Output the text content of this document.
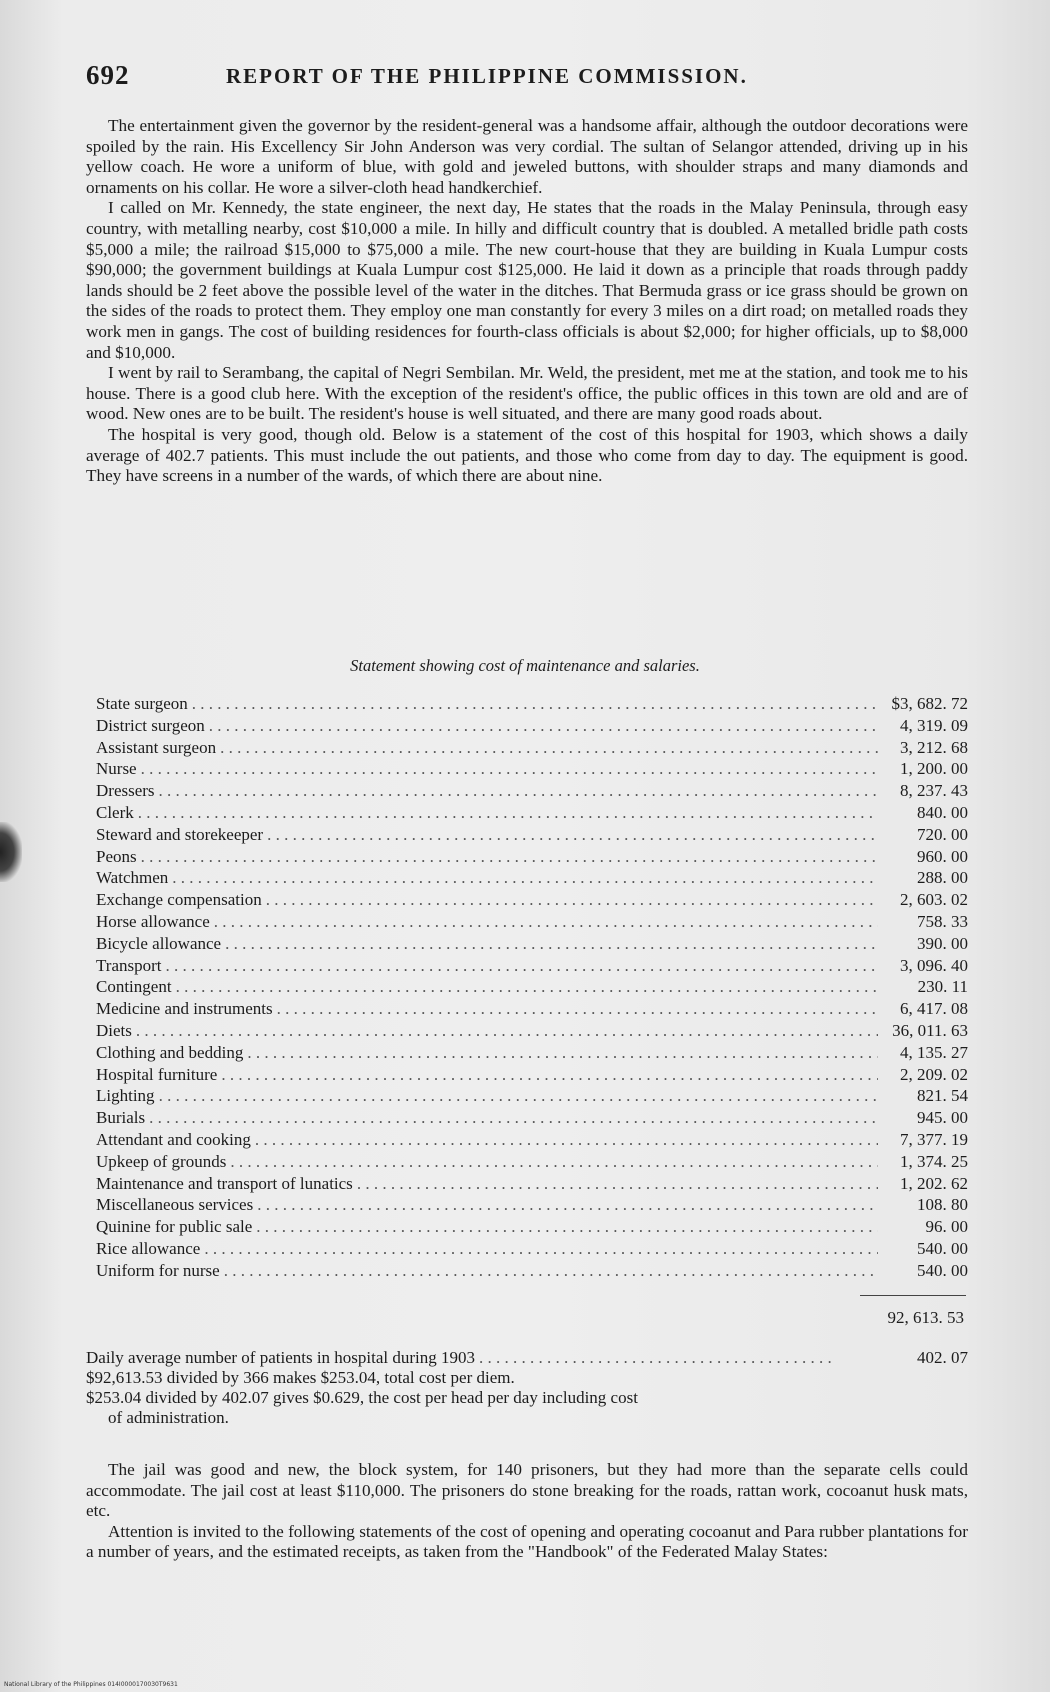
692	REPORT OF THE PHILIPPINE COMMISSION.

The entertainment given the governor by the resident-general was a handsome affair, although the outdoor decorations were spoiled by the rain. His Excellency Sir John Anderson was very cordial. The sultan of Selangor attended, driving up in his yellow coach. He wore a uniform of blue, with gold and jeweled buttons, with shoulder straps and many diamonds and ornaments on his collar. He wore a silver-cloth head handkerchief.

I called on Mr. Kennedy, the state engineer, the next day, He states that the roads in the Malay Peninsula, through easy country, with metalling nearby, cost $10,000 a mile. In hilly and difficult country that is doubled. A metalled bridle path costs $5,000 a mile; the railroad $15,000 to $75,000 a mile. The new court-house that they are building in Kuala Lumpur costs $90,000; the government buildings at Kuala Lumpur cost $125,000. He laid it down as a principle that roads through paddy lands should be 2 feet above the possible level of the water in the ditches. That Bermuda grass or ice grass should be grown on the sides of the roads to protect them. They employ one man constantly for every 3 miles on a dirt road; on metalled roads they work men in gangs. The cost of building residences for fourth-class officials is about $2,000; for higher officials, up to $8,000 and $10,000.

I went by rail to Serambang, the capital of Negri Sembilan. Mr. Weld, the president, met me at the station, and took me to his house. There is a good club here. With the exception of the resident's office, the public offices in this town are old and are of wood. New ones are to be built. The resident's house is well situated, and there are many good roads about.

The hospital is very good, though old. Below is a statement of the cost of this hospital for 1903, which shows a daily average of 402.7 patients. This must include the out patients, and those who come from day to day. The equipment is good. They have screens in a number of the wards, of which there are about nine.

Statement showing cost of maintenance and salaries.
State surgeon . . .	$3, 682. 72
District surgeon . . .	4, 319. 09
Assistant surgeon . . .	3, 212. 68
Nurse . . .	1, 200. 00
Dressers . . .	8, 237. 43
Clerk . . .	840. 00
Steward and storekeeper . . .	720. 00
Peons . . .	960. 00
Watchmen . . .	288. 00
Exchange compensation . . .	2, 603. 02
Horse allowance . . .	758. 33
Bicycle allowance . . .	390. 00
Transport . . .	3, 096. 40
Contingent . . .	230. 11
Medicine and instruments . . .	6, 417. 08
Diets . . .	36, 011. 63
Clothing and bedding . . .	4, 135. 27
Hospital furniture . . .	2, 209. 02
Lighting . . .	821. 54
Burials . . .	945. 00
Attendant and cooking . . .	7, 377. 19
Upkeep of grounds . . .	1, 374. 25
Maintenance and transport of lunatics . . .	1, 202. 62
Miscellaneous services . . .	108. 80
Quinine for public sale . . .	96. 00
Rice allowance . . .	540. 00
Uniform for nurse . . .	540. 00
92, 613. 53
Daily average number of patients in hospital during 1903 . . .	402. 07
$92,613.53 divided by 366 makes $253.04, total cost per diem.
$253.04 divided by 402.07 gives $0.629, the cost per head per day including cost
of administration.

The jail was good and new, the block system, for 140 prisoners, but they had more than the separate cells could accommodate. The jail cost at least $110,000. The prisoners do stone breaking for the roads, rattan work, cocoanut husk mats, etc.

Attention is invited to the following statements of the cost of opening and operating cocoanut and Para rubber plantations for a number of years, and the estimated receipts, as taken from the "Handbook" of the Federated Malay States:

National Library of the Philippines 014I0000170030T9631
